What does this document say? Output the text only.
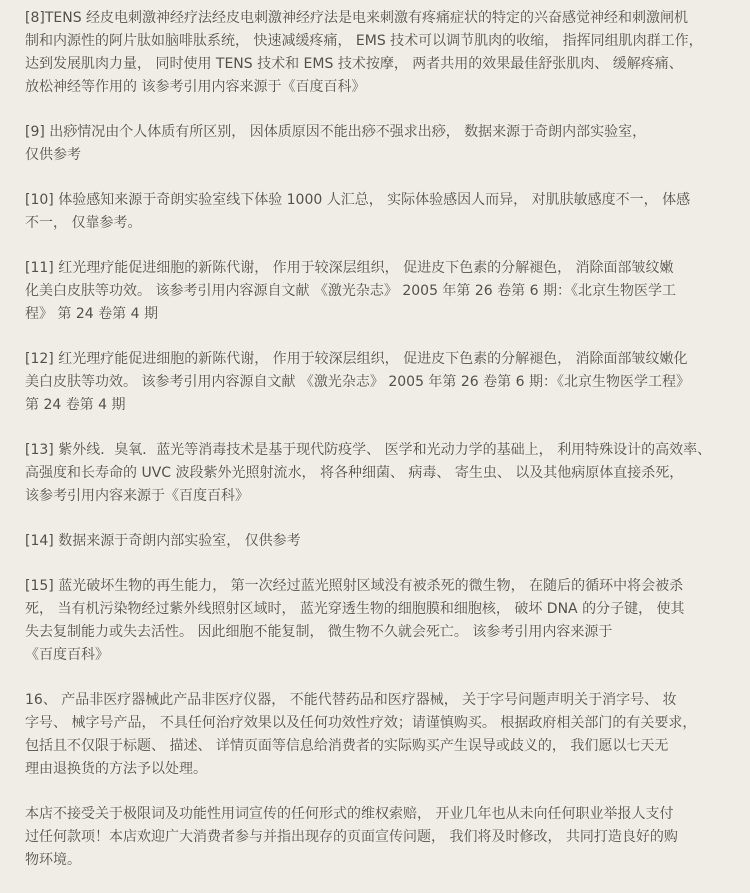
[8]TENS 经皮电刺激神经疗法经皮电刺激神经疗法是电来刺激有疼痛症状的特定的兴奋感觉神经和刺激闸机
制和内源性的阿片肽如脑啡肽系统， 快速减缓疼痛， EMS 技术可以调节肌肉的收缩， 指挥同组肌肉群工作，
达到发展肌肉力量， 同时使用 TENS 技术和 EMS 技术按摩， 两者共用的效果最佳舒张肌肉、 缓解疼痛、
放松神经等作用的 该参考引用内容来源于《百度百科》
[9] 出痧情况由个人体质有所区别， 因体质原因不能出痧不强求出痧， 数据来源于奇朗内部实验室，
仅供参考
[10] 体验感知来源于奇朗实验室线下体验 1000 人汇总， 实际体验感因人而异， 对肌肤敏感度不一， 体感
不一， 仅靠参考。
[11] 红光理疗能促进细胞的新陈代谢， 作用于较深层组织， 促进皮下色素的分解褪色， 消除面部皱纹嫩
化美白皮肤等功效。 该参考引用内容源自文献 《激光杂志》 2005 年第 26 卷第 6 期：《北京生物医学工
程》 第 24 卷第 4 期
[12] 红光理疗能促进细胞的新陈代谢， 作用于较深层组织， 促进皮下色素的分解褪色， 消除面部皱纹嫩化
美白皮肤等功效。 该参考引用内容源自文献 《激光杂志》 2005 年第 26 卷第 6 期：《北京生物医学工程》
第 24 卷第 4 期
[13] 紫外线．臭氧．蓝光等消毒技术是基于现代防疫学、 医学和光动力学的基础上， 利用特殊设计的高效率、
高强度和长寿命的 UVC 波段紫外光照射流水， 将各种细菌、 病毒、 寄生虫、 以及其他病原体直接杀死，
该参考引用内容来源于《百度百科》
[14] 数据来源于奇朗内部实验室， 仅供参考
[15] 蓝光破坏生物的再生能力， 第一次经过蓝光照射区域没有被杀死的微生物， 在随后的循环中将会被杀
死， 当有机污染物经过紫外线照射区域时， 蓝光穿透生物的细胞膜和细胞核， 破坏 DNA 的分子键， 使其
失去复制能力或失去活性。 因此细胞不能复制， 微生物不久就会死亡。 该参考引用内容来源于
《百度百科》
16、 产品非医疗器械此产品非医疗仪器， 不能代替药品和医疗器械， 关于字号问题声明关于消字号、 妆
字号、 械字号产品， 不具任何治疗效果以及任何功效性疗效；请谨慎购买。 根据政府相关部门的有关要求，
包括且不仅限于标题、 描述、 详情页面等信息给消费者的实际购买产生误导或歧义的， 我们愿以七天无
理由退换货的方法予以处理。
本店不接受关于极限词及功能性用词宣传的任何形式的维权索赔， 开业几年也从未向任何职业举报人支付
过任何款项！本店欢迎广大消费者参与并指出现存的页面宣传问题， 我们将及时修改， 共同打造良好的购
物环境。
